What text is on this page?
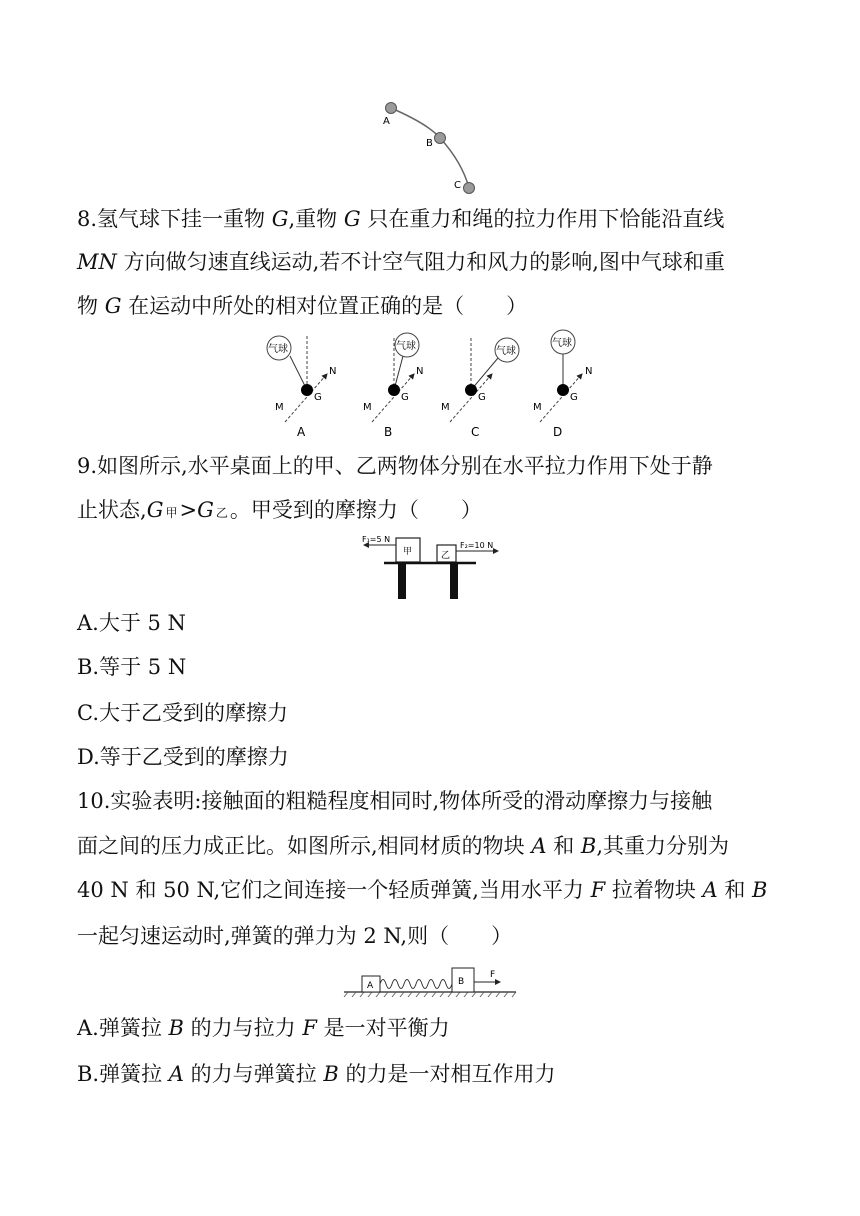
A
B
C
8.氢气球下挂一重物 G,重物 G 只在重力和绳的拉力作用下恰能沿直线
MN 方向做匀速直线运动,若不计空气阻力和风力的影响,图中气球和重
物 G 在运动中所处的相对位置正确的是（　　）
气球
N
M
G
A
气球
N
M
G
B
气球
M
G
C
气球
N
M
G
D
9.如图所示,水平桌面上的甲、乙两物体分别在水平拉力作用下处于静
止状态,G 甲>G 乙。甲受到的摩擦力（　　）
甲	乙
F₁=5 N
F₂=10 N
A.大于 5 N
B.等于 5 N
C.大于乙受到的摩擦力
D.等于乙受到的摩擦力
10.实验表明:接触面的粗糙程度相同时,物体所受的滑动摩擦力与接触
面之间的压力成正比。如图所示,相同材质的物块 A 和 B,其重力分别为
40 N 和 50 N,它们之间连接一个轻质弹簧,当用水平力 F 拉着物块 A 和 B
一起匀速运动时,弹簧的弹力为 2 N,则（　　）
A	B
F
A.弹簧拉 B 的力与拉力 F 是一对平衡力
B.弹簧拉 A 的力与弹簧拉 B 的力是一对相互作用力
